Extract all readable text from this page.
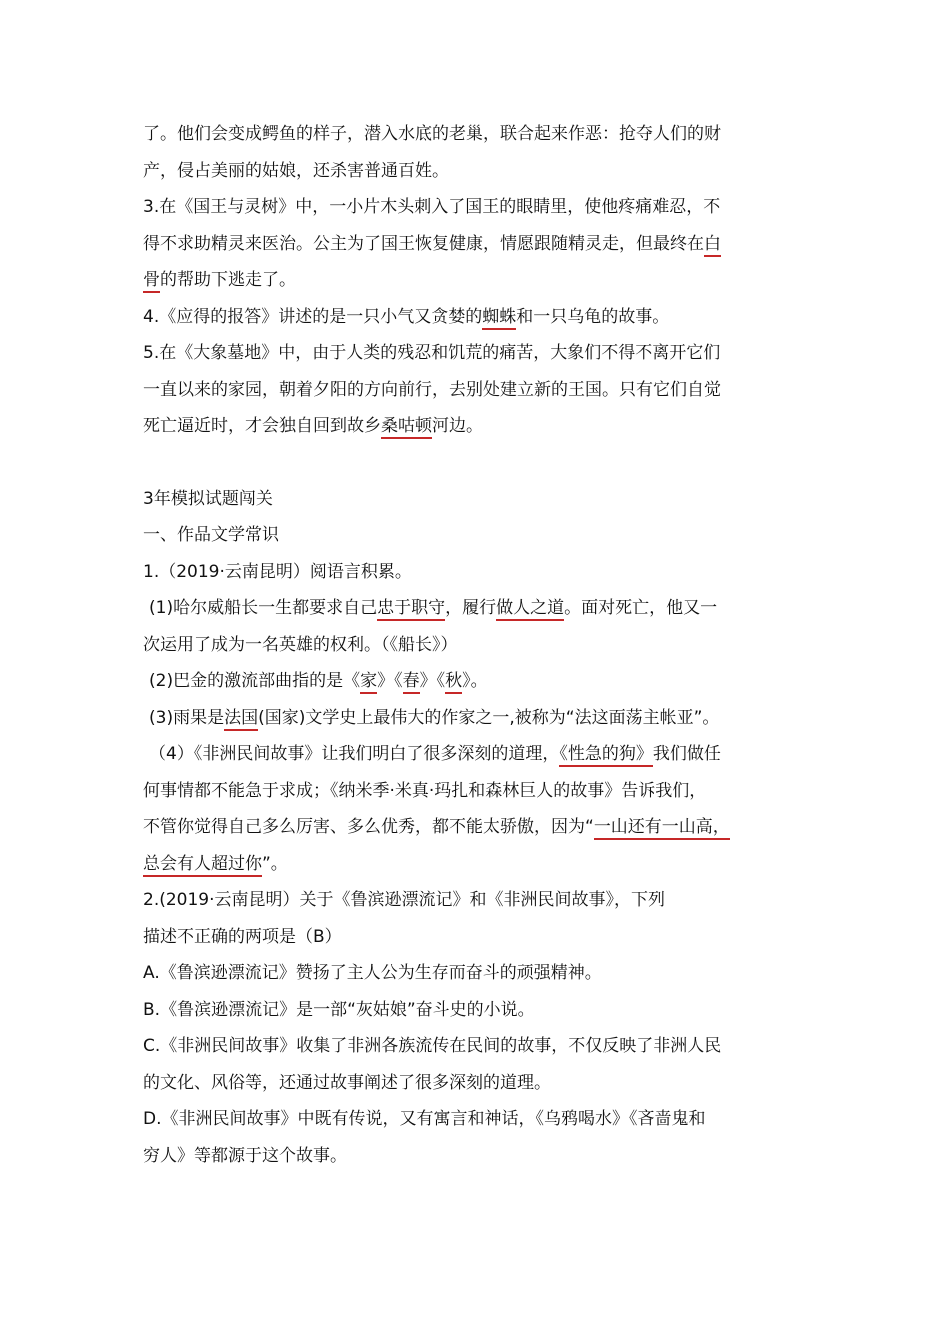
了。他们会变成鳄鱼的样子，潜入水底的老巢，联合起来作恶：抢夺人们的财

产，侵占美丽的姑娘，还杀害普通百姓。

3.在《国王与灵树》中，一小片木头刺入了国王的眼睛里，使他疼痛难忍，不

得不求助精灵来医治。公主为了国王恢复健康，情愿跟随精灵走，但最终在白

骨的帮助下逃走了。

4.《应得的报答》讲述的是一只小气又贪婪的蜘蛛和一只乌龟的故事。

5.在《大象墓地》中，由于人类的残忍和饥荒的痛苦，大象们不得不离开它们

一直以来的家园，朝着夕阳的方向前行，去别处建立新的王国。只有它们自觉

死亡逼近时，才会独自回到故乡桑咕顿河边。

3年模拟试题闯关

一、作品文学常识

1.（2019·云南昆明）阅语言积累。

(1)哈尔威船长一生都要求自己忠于职守，履行做人之道。面对死亡，他又一

次运用了成为一名英雄的权利。（《船长》）

(2)巴金的激流部曲指的是《家》《春》《秋》。

(3)雨果是法国(国家)文学史上最伟大的作家之一,被称为“法这面荡主帐亚”。

（4）《非洲民间故事》让我们明白了很多深刻的道理，《性急的狗》我们做任

何事情都不能急于求成；《纳米季·米真·玛扎和森林巨人的故事》告诉我们，

不管你觉得自己多么厉害、多么优秀，都不能太骄傲，因为“一山还有一山高，

总会有人超过你”。

2.(2019·云南昆明）关于《鲁滨逊漂流记》和《非洲民间故事》，下列

描述不正确的两项是（B）

A.《鲁滨逊漂流记》赞扬了主人公为生存而奋斗的顽强精神。

B.《鲁滨逊漂流记》是一部“灰姑娘”奋斗史的小说。

C.《非洲民间故事》收集了非洲各族流传在民间的故事，不仅反映了非洲人民

的文化、风俗等，还通过故事阐述了很多深刻的道理。

D.《非洲民间故事》中既有传说，又有寓言和神话，《乌鸦喝水》《吝啬鬼和

穷人》等都源于这个故事。
